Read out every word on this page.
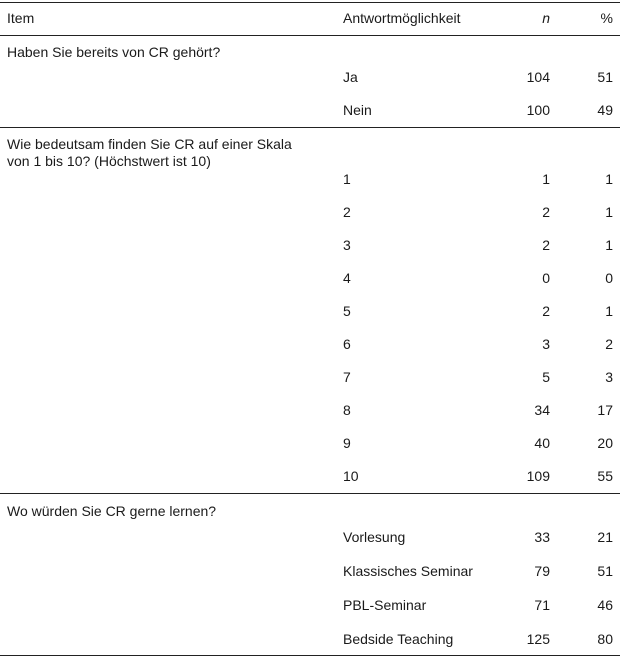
Item	Antwortmöglichkeit	n	%
Haben Sie bereits von CR gehört?
Ja	104	51
Nein	100	49
Wie bedeutsam finden Sie CR auf einer Skala von 1 bis 10? (Höchstwert ist 10)
1	1	1
2	2	1
3	2	1
4	0	0
5	2	1
6	3	2
7	5	3
8	34	17
9	40	20
10	109	55
Wo würden Sie CR gerne lernen?
Vorlesung	33	21
Klassisches Seminar	79	51
PBL-Seminar	71	46
Bedside Teaching	125	80
